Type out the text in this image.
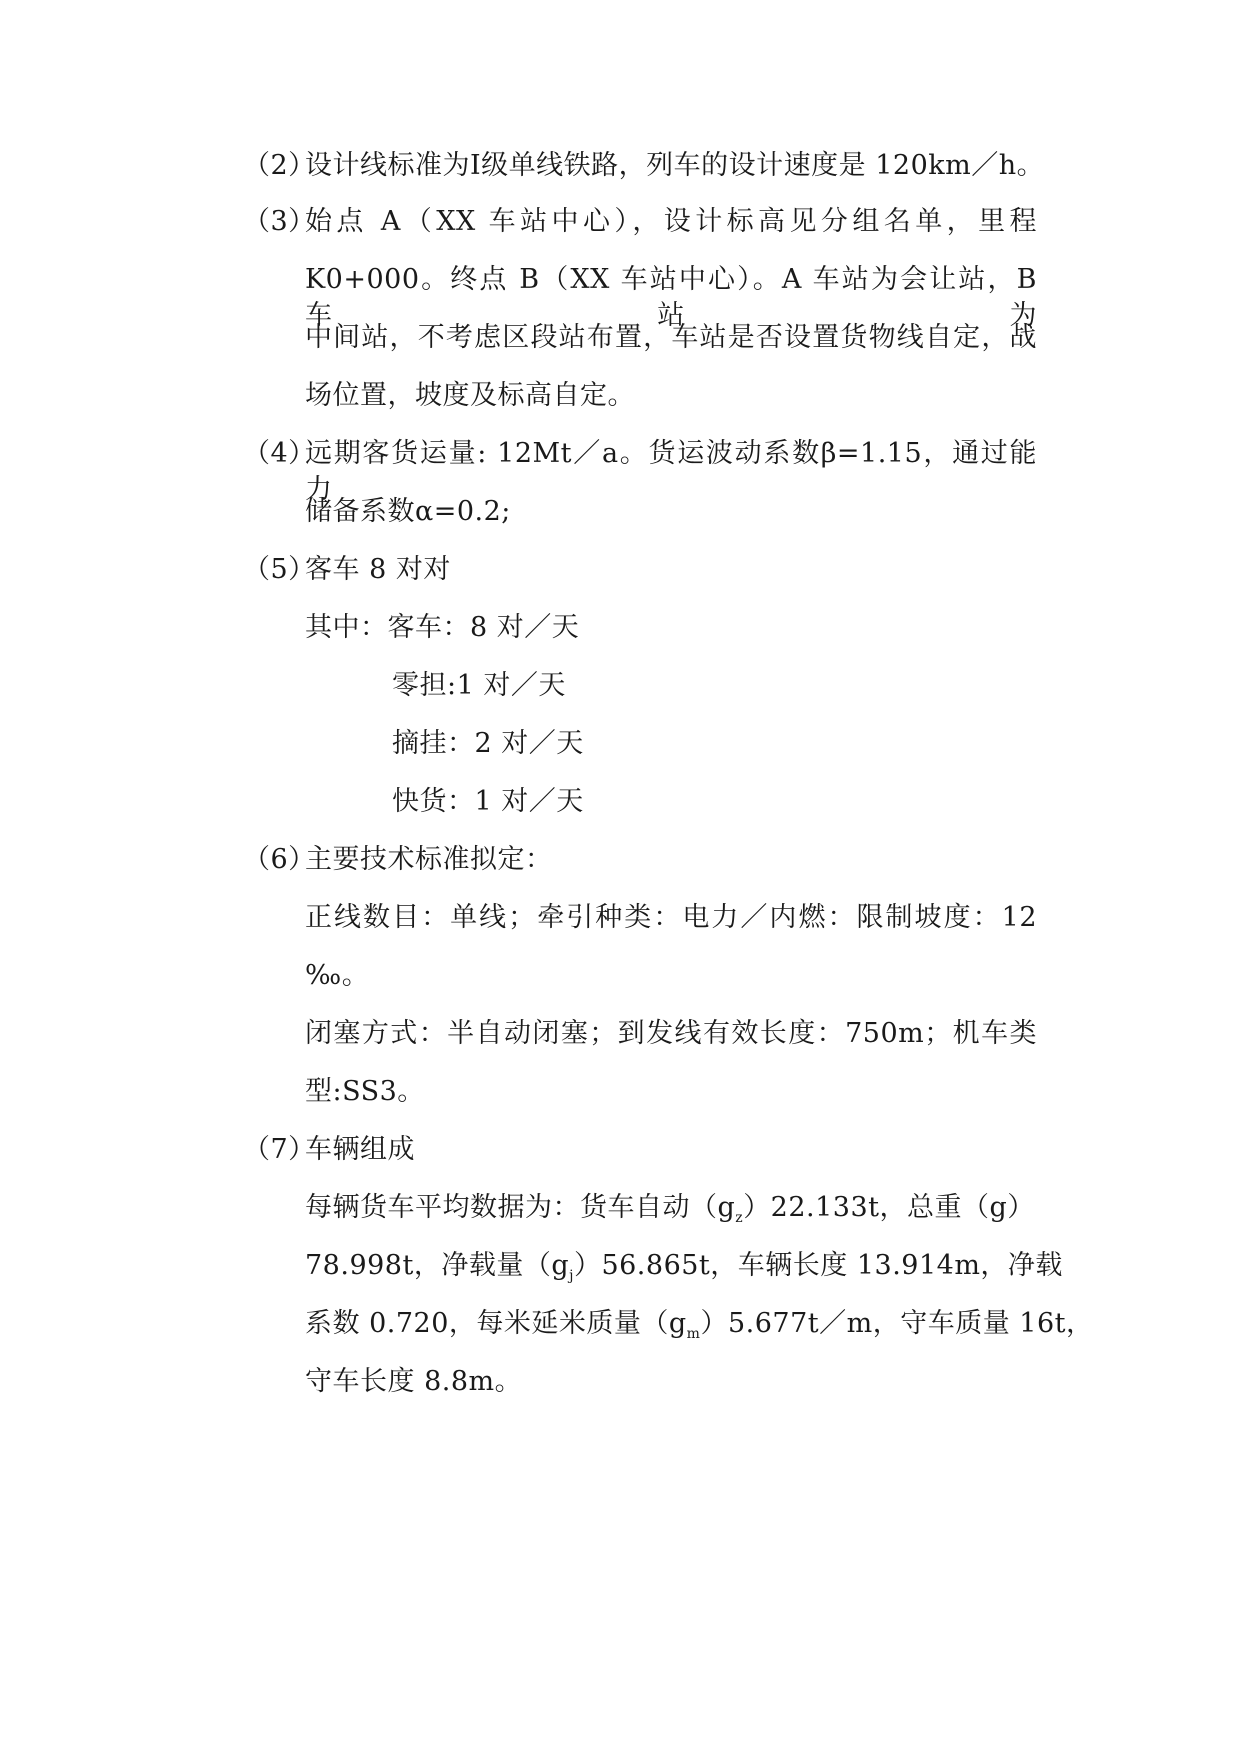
（2）
设计线标准为Ⅰ级单线铁路，列车的设计速度是 120km／h。
（3）
始点 A（XX 车站中心），设计标高见分组名单，里程
K0+000。终点 B（XX 车站中心）。A 车站为会让站，B 车站为
中间站，不考虑区段站布置，车站是否设置货物线自定，战
场位置，坡度及标高自定。
（4）
远期客货运量: 12Mt／a。货运波动系数β=1.15，通过能力
储备系数α=0.2;
（5）
客车 8 对对
其中：客车：8 对／天
零担:1 对／天
摘挂：2 对／天
快货：1 对／天
（6）
主要技术标准拟定：
正线数目：单线；牵引种类：电力／内燃：限制坡度：12
‰。
闭塞方式：半自动闭塞；到发线有效长度：750m；机车类
型:SS3。
（7）
车辆组成
每辆货车平均数据为：货车自动$(g_z)22.133t$，总重（g）
78.998t，净载量$(g_j)56.865t$，车辆长度 13.914m，净载
系数 0.720，每米延米质量$(g_m)5.677t/m$，守车质量 16t，
守车长度 8.8m。
